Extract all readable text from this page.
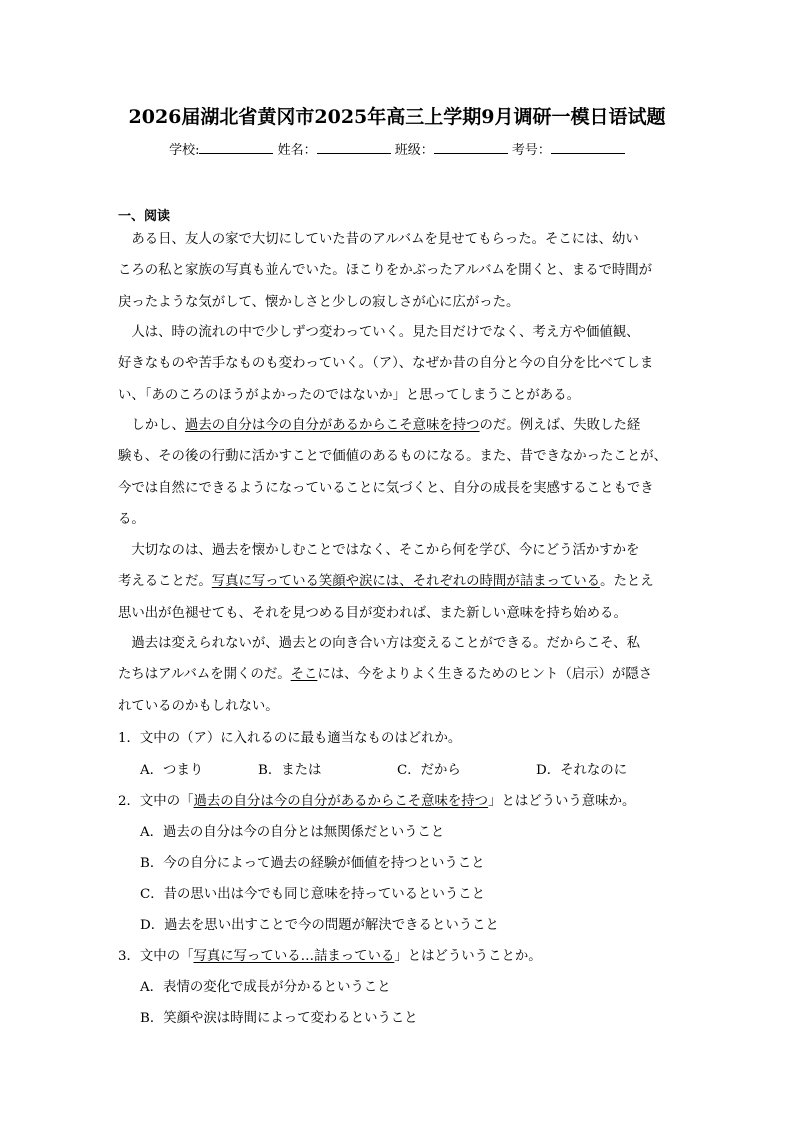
2026届湖北省黄冈市2025年高三上学期9月调研一模日语试题
学校:	姓名：	班级：	考号：
一、阅读
　ある日、友人の家で大切にしていた昔のアルバムを見せてもらった。そこには、幼い
ころの私と家族の写真も並んでいた。ほこりをかぶったアルバムを開くと、まるで時間が
戻ったような気がして、懐かしさと少しの寂しさが心に広がった。
　人は、時の流れの中で少しずつ変わっていく。見た目だけでなく、考え方や価値観、
好きなものや苦手なものも変わっていく。（ア）、なぜか昔の自分と今の自分を比べてしま
い、「あのころのほうがよかったのではないか」と思ってしまうことがある。
　しかし、過去の自分は今の自分があるからこそ意味を持つのだ。例えば、失敗した経
験も、その後の行動に活かすことで価値のあるものになる。また、昔できなかったことが、
今では自然にできるようになっていることに気づくと、自分の成長を実感することもでき
る。
　大切なのは、過去を懐かしむことではなく、そこから何を学び、今にどう活かすかを
考えることだ。写真に写っている笑顔や涙には、それぞれの時間が詰まっている。たとえ
思い出が色褪せても、それを見つめる目が変われば、また新しい意味を持ち始める。
　過去は変えられないが、過去との向き合い方は変えることができる。だからこそ、私
たちはアルバムを開くのだ。そこには、今をよりよく生きるためのヒント（启示）が隠さ
れているのかもしれない。
1．文中の（ア）に入れるのに最も適当なものはどれか。
A．つまり	B．または	C．だから	D．それなのに
2．文中の「過去の自分は今の自分があるからこそ意味を持つ」とはどういう意味か。
A．過去の自分は今の自分とは無関係だということ
B．今の自分によって過去の経験が価値を持つということ
C．昔の思い出は今でも同じ意味を持っているということ
D．過去を思い出すことで今の問題が解決できるということ
3．文中の「写真に写っている…詰まっている」とはどういうことか。
A．表情の変化で成長が分かるということ
B．笑顔や涙は時間によって変わるということ
